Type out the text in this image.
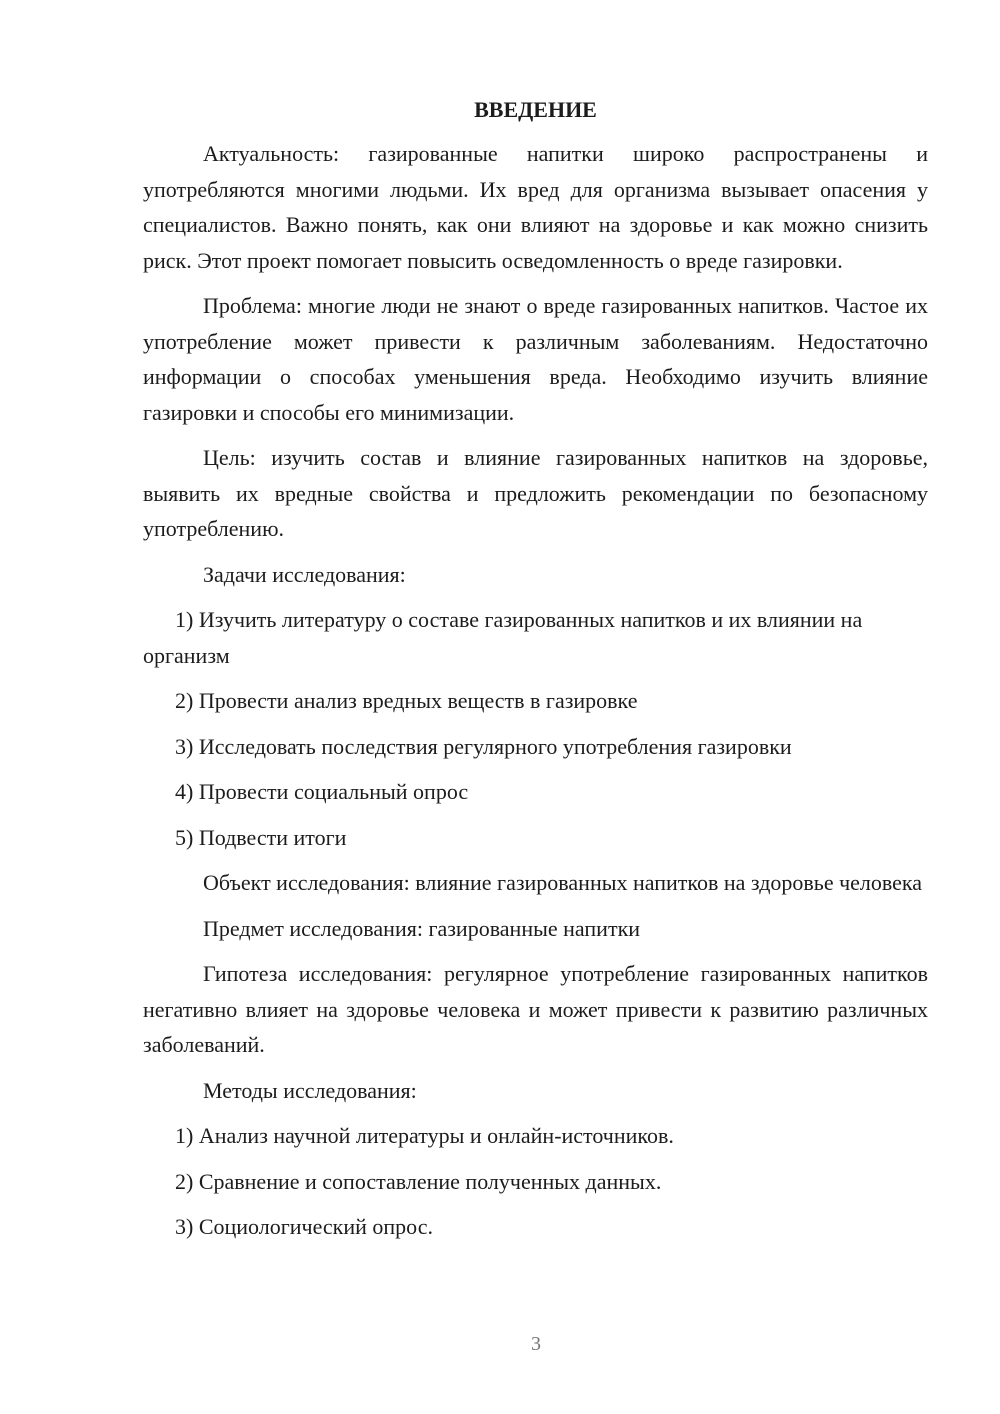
ВВЕДЕНИЕ

Актуальность: газированные напитки широко распространены и употребляются многими людьми. Их вред для организма вызывает опасения у специалистов. Важно понять, как они влияют на здоровье и как можно снизить риск. Этот проект помогает повысить осведомленность о вреде газировки.

Проблема: многие люди не знают о вреде газированных напитков. Частое их употребление может привести к различным заболеваниям. Недостаточно информации о способах уменьшения вреда. Необходимо изучить влияние газировки и способы его минимизации.

Цель: изучить состав и влияние газированных напитков на здоровье, выявить их вредные свойства и предложить рекомендации по безопасному употреблению.

Задачи исследования:

1) Изучить литературу о составе газированных напитков и их влиянии на организм

2) Провести анализ вредных веществ в газировке

3) Исследовать последствия регулярного употребления газировки

4) Провести социальный опрос

5) Подвести итоги

Объект исследования: влияние газированных напитков на здоровье человека

Предмет исследования: газированные напитки

Гипотеза исследования: регулярное употребление газированных напитков негативно влияет на здоровье человека и может привести к развитию различных заболеваний.

Методы исследования:

1) Анализ научной литературы и онлайн-источников.

2) Сравнение и сопоставление полученных данных.

3) Социологический опрос.

3
